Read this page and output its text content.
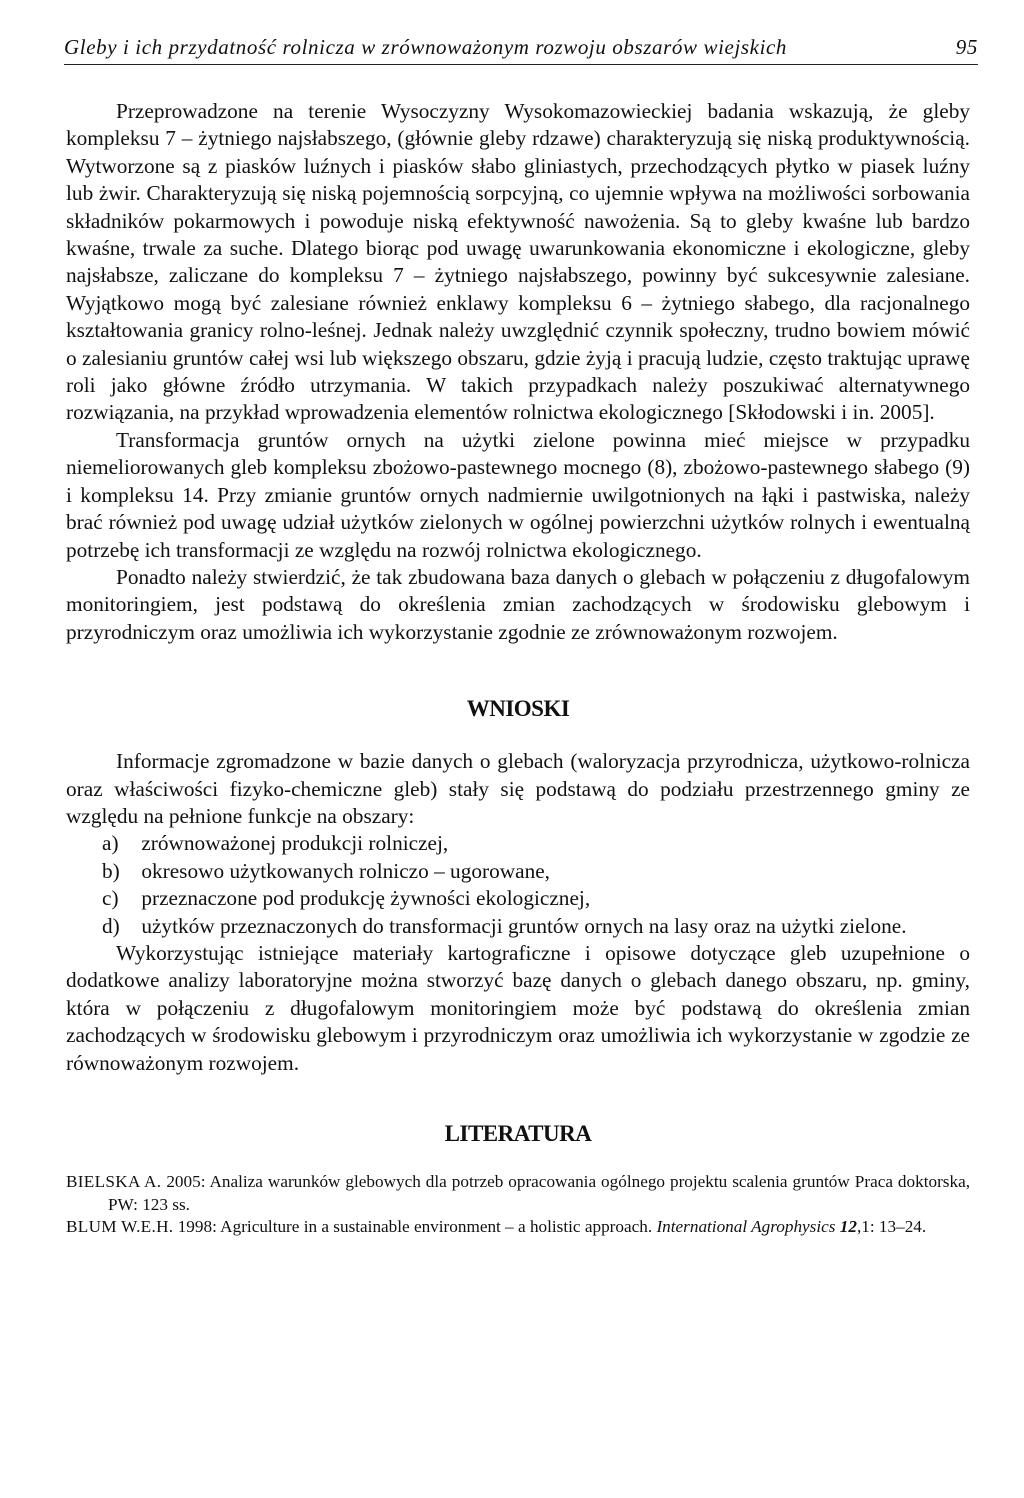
Gleby i ich przydatność rolnicza w zrównoważonym rozwoju obszarów wiejskich	95

Przeprowadzone na terenie Wysoczyzny Wysokomazowieckiej badania wskazują, że gleby kompleksu 7 – żytniego najsłabszego, (głównie gleby rdzawe) charakteryzują się niską produktywnością. Wytworzone są z piasków luźnych i piasków słabo gliniastych, przechodzących płytko w piasek luźny lub żwir. Charakteryzują się niską pojemnością sorpcyjną, co ujemnie wpływa na możliwości sorbowania składników pokarmowych i powoduje niską efektywność nawożenia. Są to gleby kwaśne lub bardzo kwaśne, trwale za suche. Dlatego biorąc pod uwagę uwarunkowania ekonomiczne i ekologiczne, gleby najsłabsze, zaliczane do kompleksu 7 – żytniego najsłabszego, powinny być sukcesywnie zalesiane. Wyjątkowo mogą być zalesiane również enklawy kompleksu 6 – żytniego słabego, dla racjonalnego kształtowania granicy rolno-leśnej. Jednak należy uwzględnić czynnik społeczny, trudno bowiem mówić o zalesianiu gruntów całej wsi lub większego obszaru, gdzie żyją i pracują ludzie, często traktując uprawę roli jako główne źródło utrzymania. W takich przypadkach należy poszukiwać alternatywnego rozwiązania, na przykład wprowadzenia elementów rolnictwa ekologicznego [Skłodowski i in. 2005].

Transformacja gruntów ornych na użytki zielone powinna mieć miejsce w przypadku niemeliorowanych gleb kompleksu zbożowo-pastewnego mocnego (8), zbożowo-pastewnego słabego (9) i kompleksu 14. Przy zmianie gruntów ornych nadmiernie uwilgotnionych na łąki i pastwiska, należy brać również pod uwagę udział użytków zielonych w ogólnej powierzchni użytków rolnych i ewentualną potrzebę ich transformacji ze względu na rozwój rolnictwa ekologicznego.

Ponadto należy stwierdzić, że tak zbudowana baza danych o glebach w połączeniu z długofalowym monitoringiem, jest podstawą do określenia zmian zachodzących w środowisku glebowym i przyrodniczym oraz umożliwia ich wykorzystanie zgodnie ze zrównoważonym rozwojem.

WNIOSKI

Informacje zgromadzone w bazie danych o glebach (waloryzacja przyrodnicza, użytkowo-rolnicza oraz właściwości fizyko-chemiczne gleb) stały się podstawą do podziału przestrzennego gminy ze względu na pełnione funkcje na obszary:

a) zrównoważonej produkcji rolniczej,
b) okresowo użytkowanych rolniczo – ugorowane,
c) przeznaczone pod produkcję żywności ekologicznej,
d) użytków przeznaczonych do transformacji gruntów ornych na lasy oraz na użytki zielone.

Wykorzystując istniejące materiały kartograficzne i opisowe dotyczące gleb uzupełnione o dodatkowe analizy laboratoryjne można stworzyć bazę danych o glebach danego obszaru, np. gminy, która w połączeniu z długofalowym monitoringiem może być podstawą do określenia zmian zachodzących w środowisku glebowym i przyrodniczym oraz umożliwia ich wykorzystanie w zgodzie ze równoważonym rozwojem.

LITERATURA

BIELSKA A. 2005: Analiza warunków glebowych dla potrzeb opracowania ogólnego projektu scalenia gruntów Praca doktorska, PW: 123 ss.

BLUM W.E.H. 1998: Agriculture in a sustainable environment – a holistic approach. International Agrophysics 12,1: 13–24.
